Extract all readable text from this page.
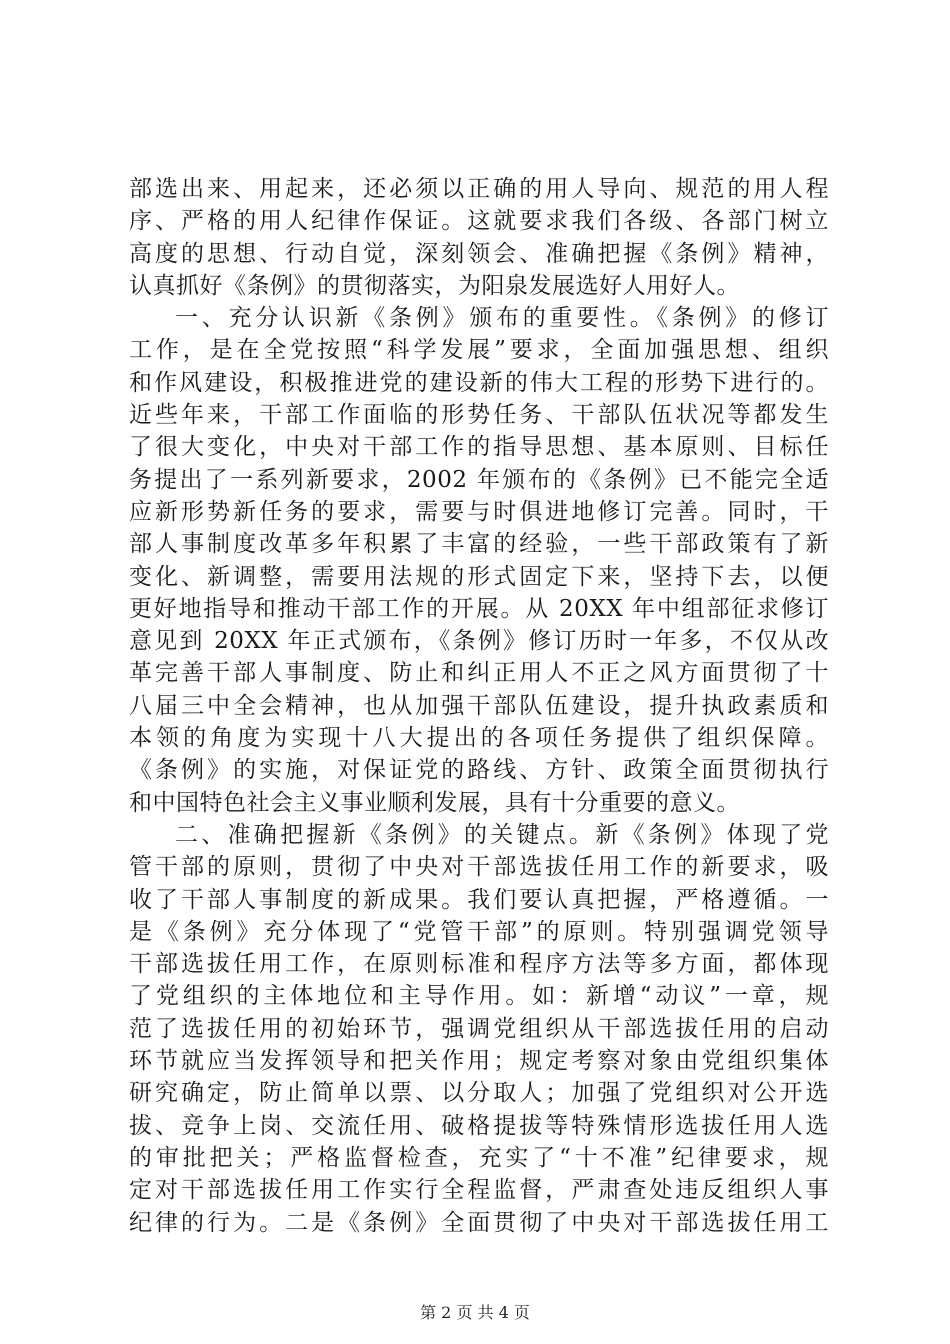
部选出来、用起来，还必须以正确的用人导向、规范的用人程
序、严格的用人纪律作保证。这就要求我们各级、各部门树立
高度的思想、行动自觉，深刻领会、准确把握《条例》精神，
认真抓好《条例》的贯彻落实，为阳泉发展选好人用好人。
一、充分认识新《条例》颁布的重要性。《条例》的修订
工作，是在全党按照“科学发展”要求，全面加强思想、组织
和作风建设，积极推进党的建设新的伟大工程的形势下进行的。
近些年来，干部工作面临的形势任务、干部队伍状况等都发生
了很大变化，中央对干部工作的指导思想、基本原则、目标任
务提出了一系列新要求，2002 年颁布的《条例》已不能完全适
应新形势新任务的要求，需要与时俱进地修订完善。同时，干
部人事制度改革多年积累了丰富的经验，一些干部政策有了新
变化、新调整，需要用法规的形式固定下来，坚持下去，以便
更好地指导和推动干部工作的开展。从 20XX 年中组部征求修订
意见到 20XX 年正式颁布，《条例》修订历时一年多，不仅从改
革完善干部人事制度、防止和纠正用人不正之风方面贯彻了十
八届三中全会精神，也从加强干部队伍建设，提升执政素质和
本领的角度为实现十八大提出的各项任务提供了组织保障。
《条例》的实施，对保证党的路线、方针、政策全面贯彻执行
和中国特色社会主义事业顺利发展，具有十分重要的意义。
二、准确把握新《条例》的关键点。新《条例》体现了党
管干部的原则，贯彻了中央对干部选拔任用工作的新要求，吸
收了干部人事制度的新成果。我们要认真把握，严格遵循。一
是《条例》充分体现了“党管干部”的原则。特别强调党领导
干部选拔任用工作，在原则标准和程序方法等多方面，都体现
了党组织的主体地位和主导作用。如：新增“动议”一章，规
范了选拔任用的初始环节，强调党组织从干部选拔任用的启动
环节就应当发挥领导和把关作用；规定考察对象由党组织集体
研究确定，防止简单以票、以分取人；加强了党组织对公开选
拔、竞争上岗、交流任用、破格提拔等特殊情形选拔任用人选
的审批把关；严格监督检查，充实了“十不准”纪律要求，规
定对干部选拔任用工作实行全程监督，严肃查处违反组织人事
纪律的行为。二是《条例》全面贯彻了中央对干部选拔任用工
第 2 页 共 4 页
